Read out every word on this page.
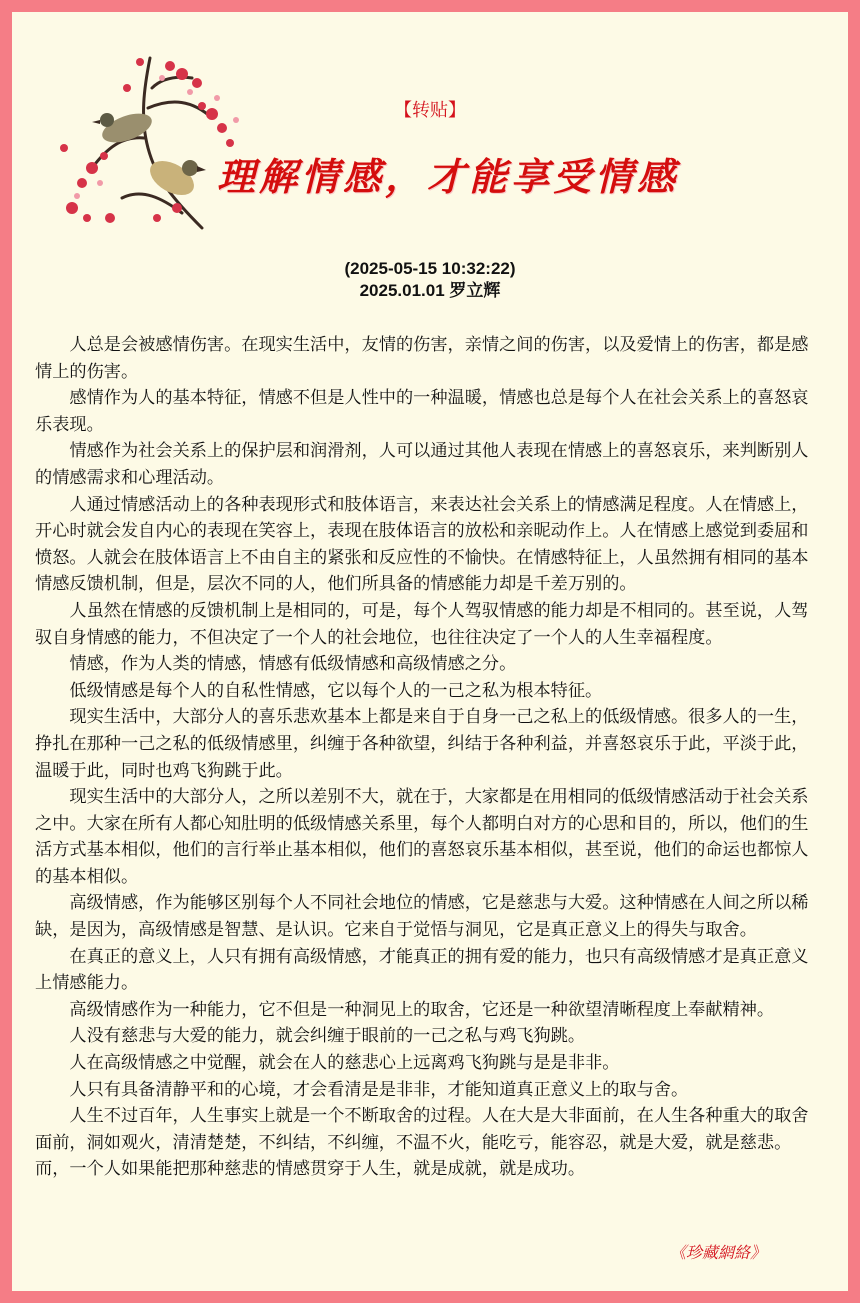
【转贴】
理解情感，才能享受情感
(2025-05-15 10:32:22)
2025.01.01 罗立辉

人总是会被感情伤害。在现实生活中，友情的伤害，亲情之间的伤害，以及爱情上的伤害，都是感情上的伤害。

感情作为人的基本特征，情感不但是人性中的一种温暖，情感也总是每个人在社会关系上的喜怒哀乐表现。

情感作为社会关系上的保护层和润滑剂，人可以通过其他人表现在情感上的喜怒哀乐，来判断别人的情感需求和心理活动。

人通过情感活动上的各种表现形式和肢体语言，来表达社会关系上的情感满足程度。人在情感上，开心时就会发自内心的表现在笑容上，表现在肢体语言的放松和亲昵动作上。人在情感上感觉到委屈和愤怒。人就会在肢体语言上不由自主的紧张和反应性的不愉快。在情感特征上，人虽然拥有相同的基本情感反馈机制，但是，层次不同的人，他们所具备的情感能力却是千差万别的。

人虽然在情感的反馈机制上是相同的，可是，每个人驾驭情感的能力却是不相同的。甚至说，人驾驭自身情感的能力，不但决定了一个人的社会地位，也往往决定了一个人的人生幸福程度。

情感，作为人类的情感，情感有低级情感和高级情感之分。

低级情感是每个人的自私性情感，它以每个人的一己之私为根本特征。

现实生活中，大部分人的喜乐悲欢基本上都是来自于自身一己之私上的低级情感。很多人的一生，挣扎在那种一己之私的低级情感里，纠缠于各种欲望，纠结于各种利益，并喜怒哀乐于此，平淡于此，温暖于此，同时也鸡飞狗跳于此。

现实生活中的大部分人，之所以差别不大，就在于，大家都是在用相同的低级情感活动于社会关系之中。大家在所有人都心知肚明的低级情感关系里，每个人都明白对方的心思和目的，所以，他们的生活方式基本相似，他们的言行举止基本相似，他们的喜怒哀乐基本相似，甚至说，他们的命运也都惊人的基本相似。

高级情感，作为能够区别每个人不同社会地位的情感，它是慈悲与大爱。这种情感在人间之所以稀缺，是因为，高级情感是智慧、是认识。它来自于觉悟与洞见，它是真正意义上的得失与取舍。

在真正的意义上，人只有拥有高级情感，才能真正的拥有爱的能力，也只有高级情感才是真正意义上情感能力。

高级情感作为一种能力，它不但是一种洞见上的取舍，它还是一种欲望清晰程度上奉献精神。

人没有慈悲与大爱的能力，就会纠缠于眼前的一己之私与鸡飞狗跳。

人在高级情感之中觉醒，就会在人的慈悲心上远离鸡飞狗跳与是是非非。

人只有具备清静平和的心境，才会看清是是非非，才能知道真正意义上的取与舍。

人生不过百年，人生事实上就是一个不断取舍的过程。人在大是大非面前，在人生各种重大的取舍面前，洞如观火，清清楚楚，不纠结，不纠缠，不温不火，能吃亏，能容忍，就是大爱，就是慈悲。而，一个人如果能把那种慈悲的情感贯穿于人生，就是成就，就是成功。

《珍藏網絡》
